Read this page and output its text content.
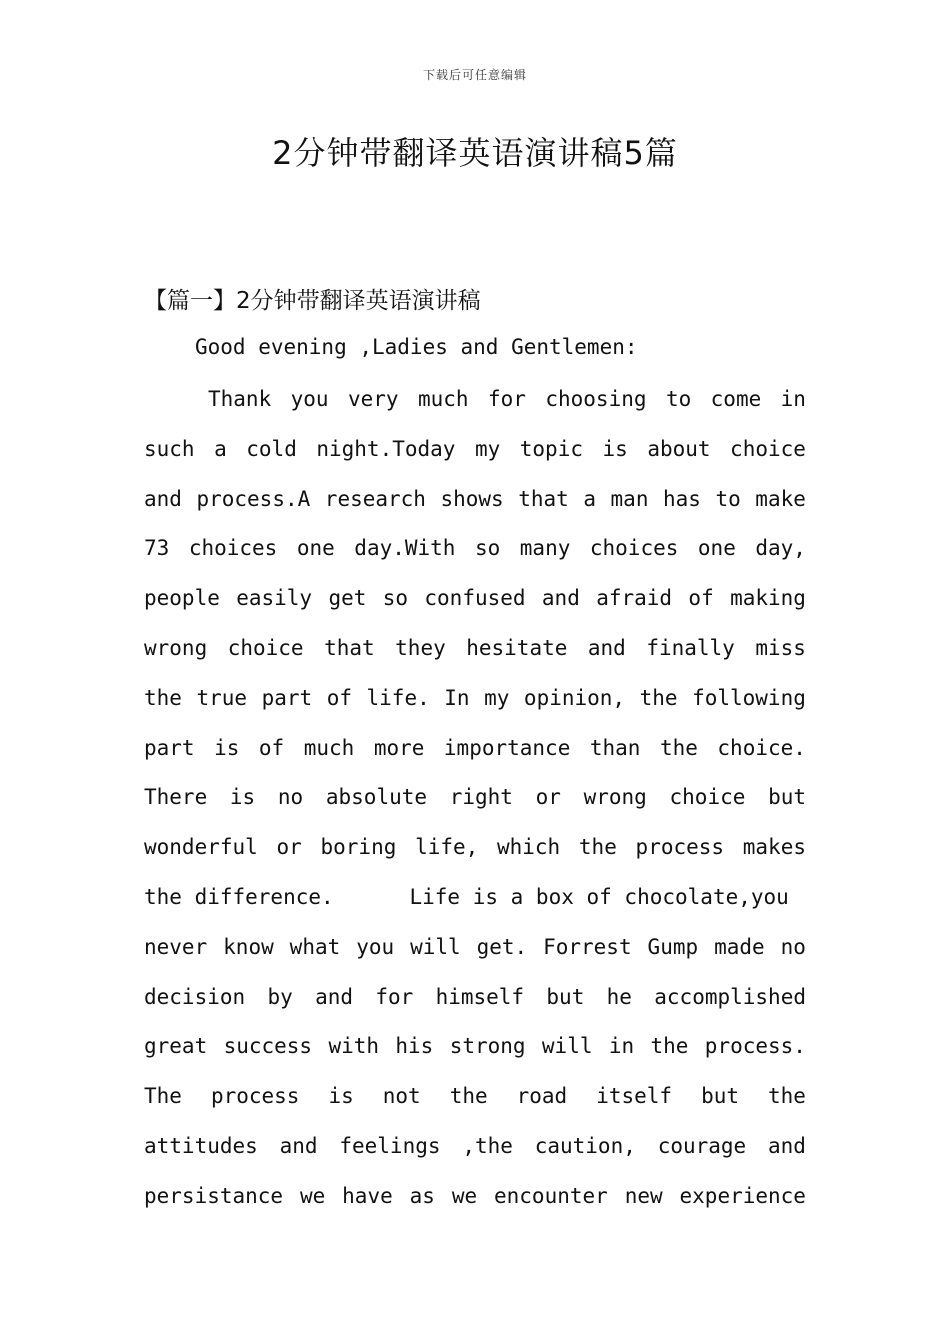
下载后可任意编辑
2分钟带翻译英语演讲稿5篇
【篇一】2分钟带翻译英语演讲稿
Good evening ,Ladies and Gentlemen:
Thank you very much for choosing to come in
such a cold night.Today my topic is about choice
and process.A research shows that a man has to make
73 choices one day.With so many choices one day,
people easily get so confused and afraid of making
wrong choice that they hesitate and finally miss
the true part of life. In my opinion, the following
part is of much more importance than the choice.
There is no absolute right or wrong choice but
wonderful or boring life, which the process makes
the difference.      Life is a box of chocolate,you
never know what you will get. Forrest Gump made no
decision by and for himself but he accomplished
great success with his strong will in the process.
The process is not the road itself but the
attitudes and feelings ,the caution, courage and
persistance we have as we encounter new experience
